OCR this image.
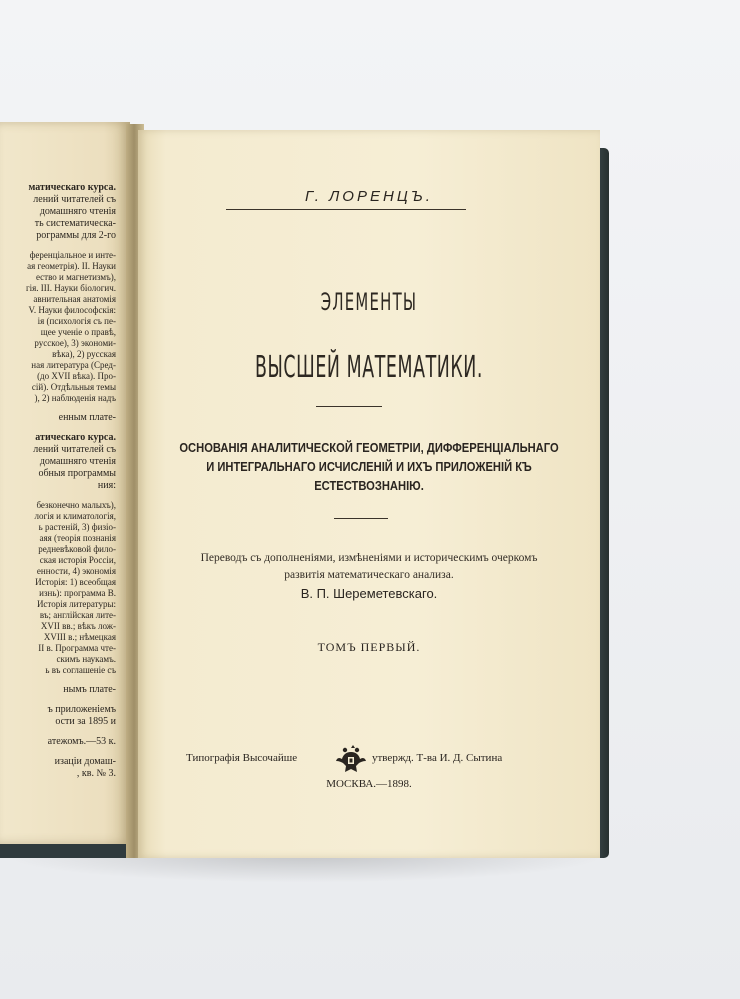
матическаго курса.
лений читателей съ
домашняго чтенія
ть систематическа-
рограммы для 2-го
ференціальное и инте-
ая геометрія). II. Науки
ество и магнетизмъ),
гія. III. Науки біологич.
авнительная анатомія
V. Науки философскія:
ія (психологія съ пе-
щее ученіе о правѣ,
русское), 3) экономи-
вѣка), 2) русская
ная литература (Сред-
(до XVII вѣка). Про-
сій). Отдѣльныя темы
), 2) наблюденія надъ
енным плате-
атическаго курса.
лений читателей съ
домашняго чтенія
обныя программы
ния:
безконечно малыхъ),
логія и климатологія,
ь растеній, 3) физіо-
аяя (теорія познанія
редневѣковой фило-
ская исторія Россіи,
енности, 4) экономія
Исторія: 1) всеобщая
изнь): программа В.
Исторія литературы:
въ; англійская лите-
XVII вв.; вѣкъ лож-
XVIII в.; нѣмецкая
II в. Программа чте-
скимъ наукамъ.
ь въ соглашеніе съ
нымъ плате-
ъ приложеніемъ
ости за 1895 и
атежомъ.—53 к.
изаціи домаш-
, кв. № 3.
Г. ЛОРЕНЦЪ.
ЭЛЕМЕНТЫ
ВЫСШЕЙ МАТЕМАТИКИ.
ОСНОВАНІЯ АНАЛИТИЧЕСКОЙ ГЕОМЕТРІИ, ДИФФЕРЕНЦІАЛЬНАГО
И ИНТЕГРАЛЬНАГО ИСЧИСЛЕНІЙ И ИХЪ ПРИЛОЖЕНІЙ КЪ
ЕСТЕСТВОЗНАНІЮ.
Переводъ съ дополненіями, измѣненіями и историческимъ очеркомъ
развитія математическаго анализа.
В. П. Шереметевскаго.
ТОМЪ ПЕРВЫЙ.
Типографія Высочайше	утвержд. Т-ва И. Д. Сытина
МОСКВА.—1898.
